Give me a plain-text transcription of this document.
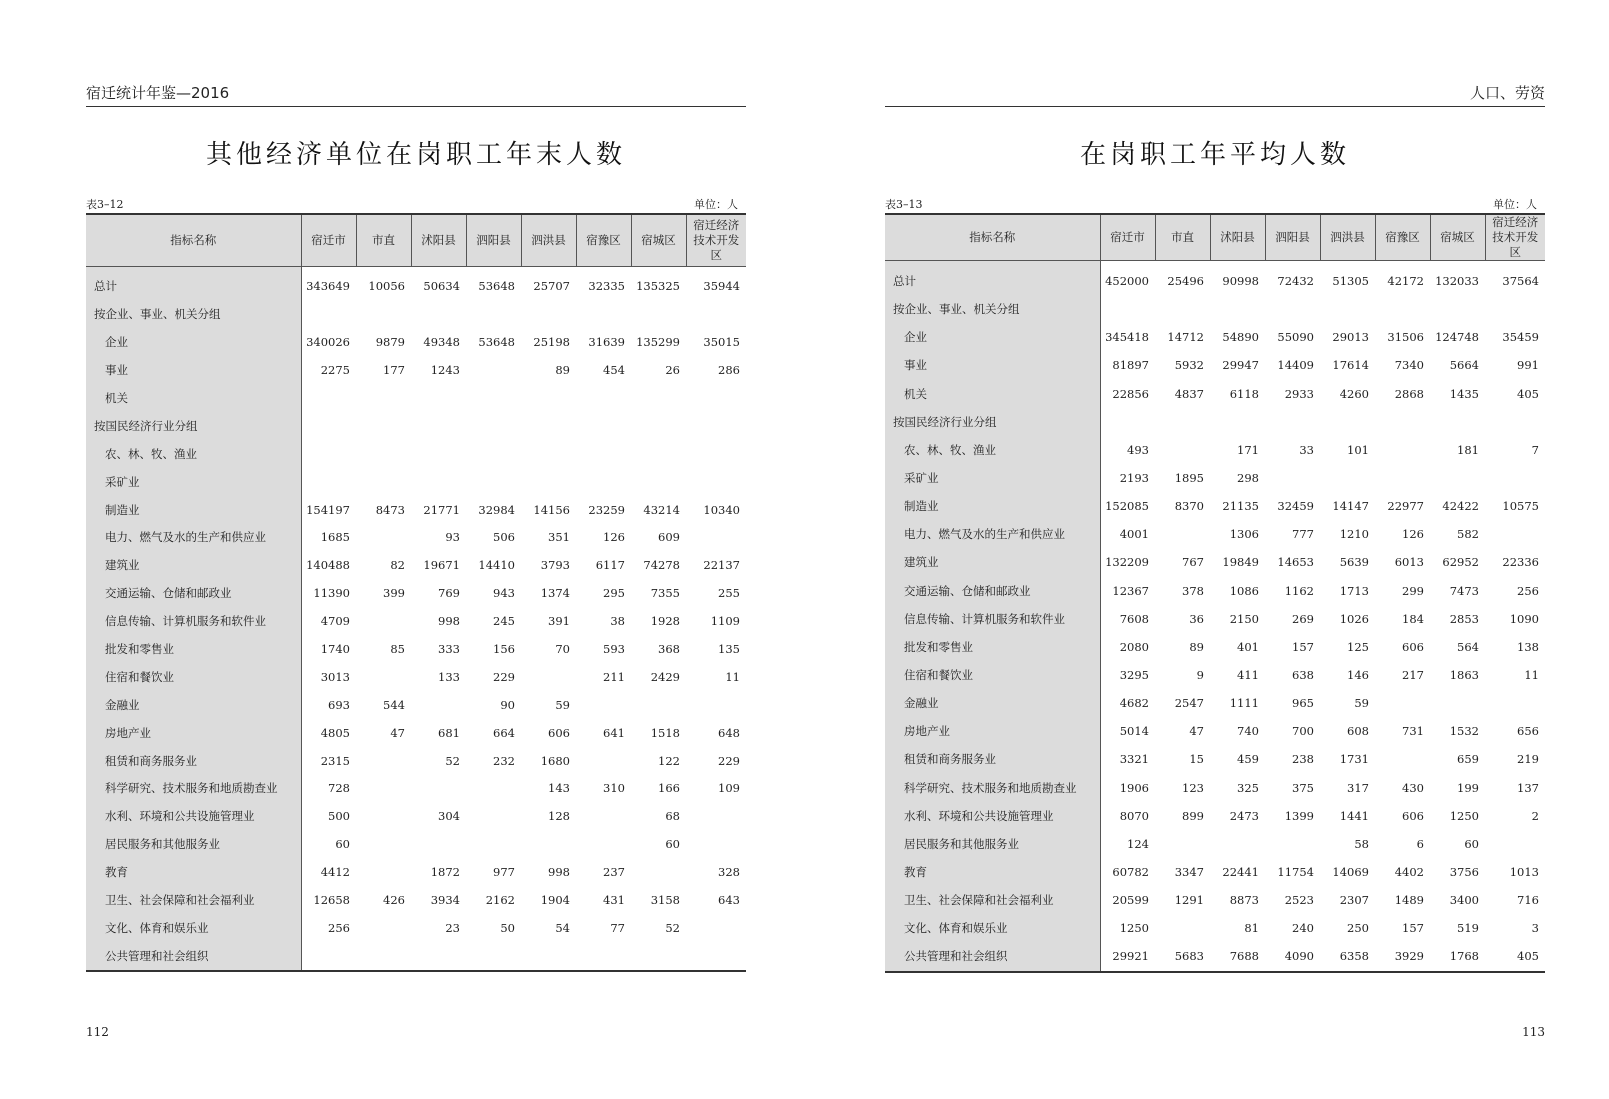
宿迁统计年鉴—2016
其他经济单位在岗职工年末人数
表3–12	单位：人
指标名称	宿迁市	市直	沭阳县	泗阳县	泗洪县	宿豫区	宿城区	宿迁经济
技术开发区
总计	343649	10056	50634	53648	25707	32335	135325	35944
按企业、事业、机关分组								
企业	340026	9879	49348	53648	25198	31639	135299	35015
事业	2275	177	1243		89	454	26	286
机关								
按国民经济行业分组								
农、林、牧、渔业								
采矿业								
制造业	154197	8473	21771	32984	14156	23259	43214	10340
电力、燃气及水的生产和供应业	1685		93	506	351	126	609	
建筑业	140488	82	19671	14410	3793	6117	74278	22137
交通运输、仓储和邮政业	11390	399	769	943	1374	295	7355	255
信息传输、计算机服务和软件业	4709		998	245	391	38	1928	1109
批发和零售业	1740	85	333	156	70	593	368	135
住宿和餐饮业	3013		133	229		211	2429	11
金融业	693	544		90	59			
房地产业	4805	47	681	664	606	641	1518	648
租赁和商务服务业	2315		52	232	1680		122	229
科学研究、技术服务和地质勘查业	728				143	310	166	109
水利、环境和公共设施管理业	500		304		128		68	
居民服务和其他服务业	60						60	
教育	4412		1872	977	998	237		328
卫生、社会保障和社会福利业	12658	426	3934	2162	1904	431	3158	643
文化、体育和娱乐业	256		23	50	54	77	52	
公共管理和社会组织								
112
人口、劳资
在岗职工年平均人数
表3–13	单位：人
指标名称	宿迁市	市直	沭阳县	泗阳县	泗洪县	宿豫区	宿城区	宿迁经济
技术开发区
总计	452000	25496	90998	72432	51305	42172	132033	37564
按企业、事业、机关分组								
企业	345418	14712	54890	55090	29013	31506	124748	35459
事业	81897	5932	29947	14409	17614	7340	5664	991
机关	22856	4837	6118	2933	4260	2868	1435	405
按国民经济行业分组								
农、林、牧、渔业	493		171	33	101		181	7
采矿业	2193	1895	298					
制造业	152085	8370	21135	32459	14147	22977	42422	10575
电力、燃气及水的生产和供应业	4001		1306	777	1210	126	582	
建筑业	132209	767	19849	14653	5639	6013	62952	22336
交通运输、仓储和邮政业	12367	378	1086	1162	1713	299	7473	256
信息传输、计算机服务和软件业	7608	36	2150	269	1026	184	2853	1090
批发和零售业	2080	89	401	157	125	606	564	138
住宿和餐饮业	3295	9	411	638	146	217	1863	11
金融业	4682	2547	1111	965	59			
房地产业	5014	47	740	700	608	731	1532	656
租赁和商务服务业	3321	15	459	238	1731		659	219
科学研究、技术服务和地质勘查业	1906	123	325	375	317	430	199	137
水利、环境和公共设施管理业	8070	899	2473	1399	1441	606	1250	2
居民服务和其他服务业	124				58	6	60	
教育	60782	3347	22441	11754	14069	4402	3756	1013
卫生、社会保障和社会福利业	20599	1291	8873	2523	2307	1489	3400	716
文化、体育和娱乐业	1250		81	240	250	157	519	3
公共管理和社会组织	29921	5683	7688	4090	6358	3929	1768	405
113
